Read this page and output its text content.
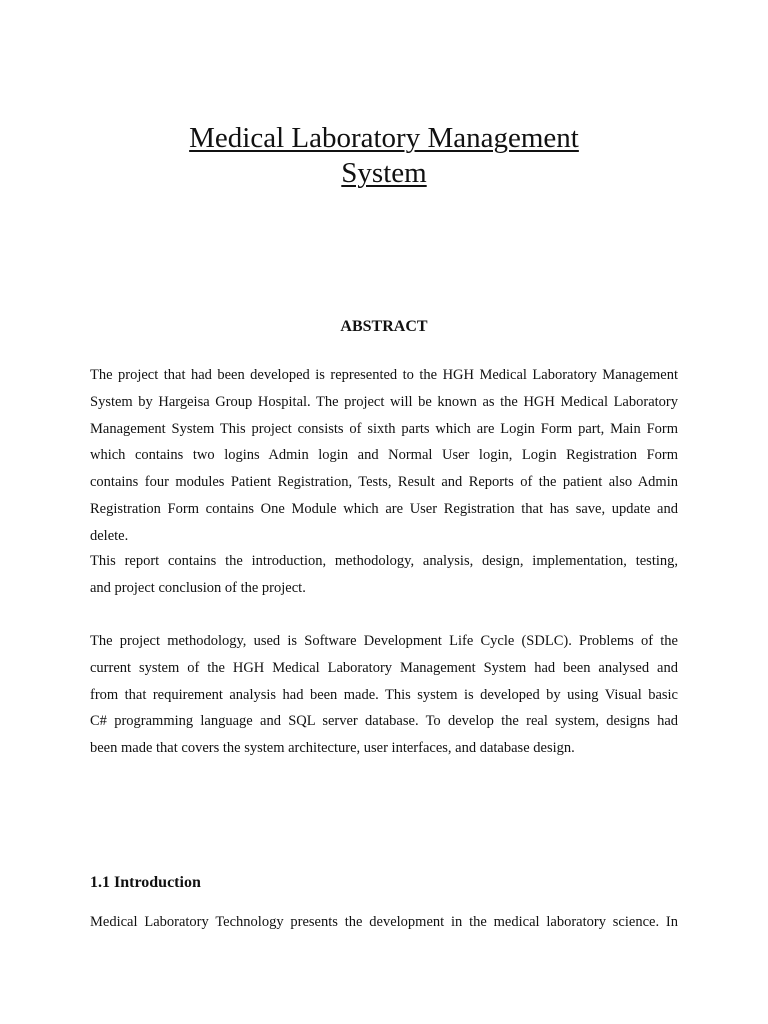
Medical Laboratory Management
System
ABSTRACT
The project that had been developed is represented to the HGH Medical Laboratory Management
System by Hargeisa Group Hospital. The project will be known as the HGH Medical Laboratory
Management System This project consists of sixth parts which are Login Form part, Main Form
which contains two logins Admin login and Normal User login, Login Registration Form
contains four modules Patient Registration, Tests, Result and Reports of the patient also Admin
Registration Form contains One Module which are User Registration that has save, update and
delete.
This report contains the introduction, methodology, analysis, design, implementation, testing,
and project conclusion of the project.
The project methodology, used is Software Development Life Cycle (SDLC). Problems of the
current system of the HGH Medical Laboratory Management System had been analysed and
from that requirement analysis had been made. This system is developed by using Visual basic
C# programming language and SQL server database. To develop the real system, designs had
been made that covers the system architecture, user interfaces, and database design.
1.1 Introduction
Medical Laboratory Technology presents the development in the medical laboratory science. In
